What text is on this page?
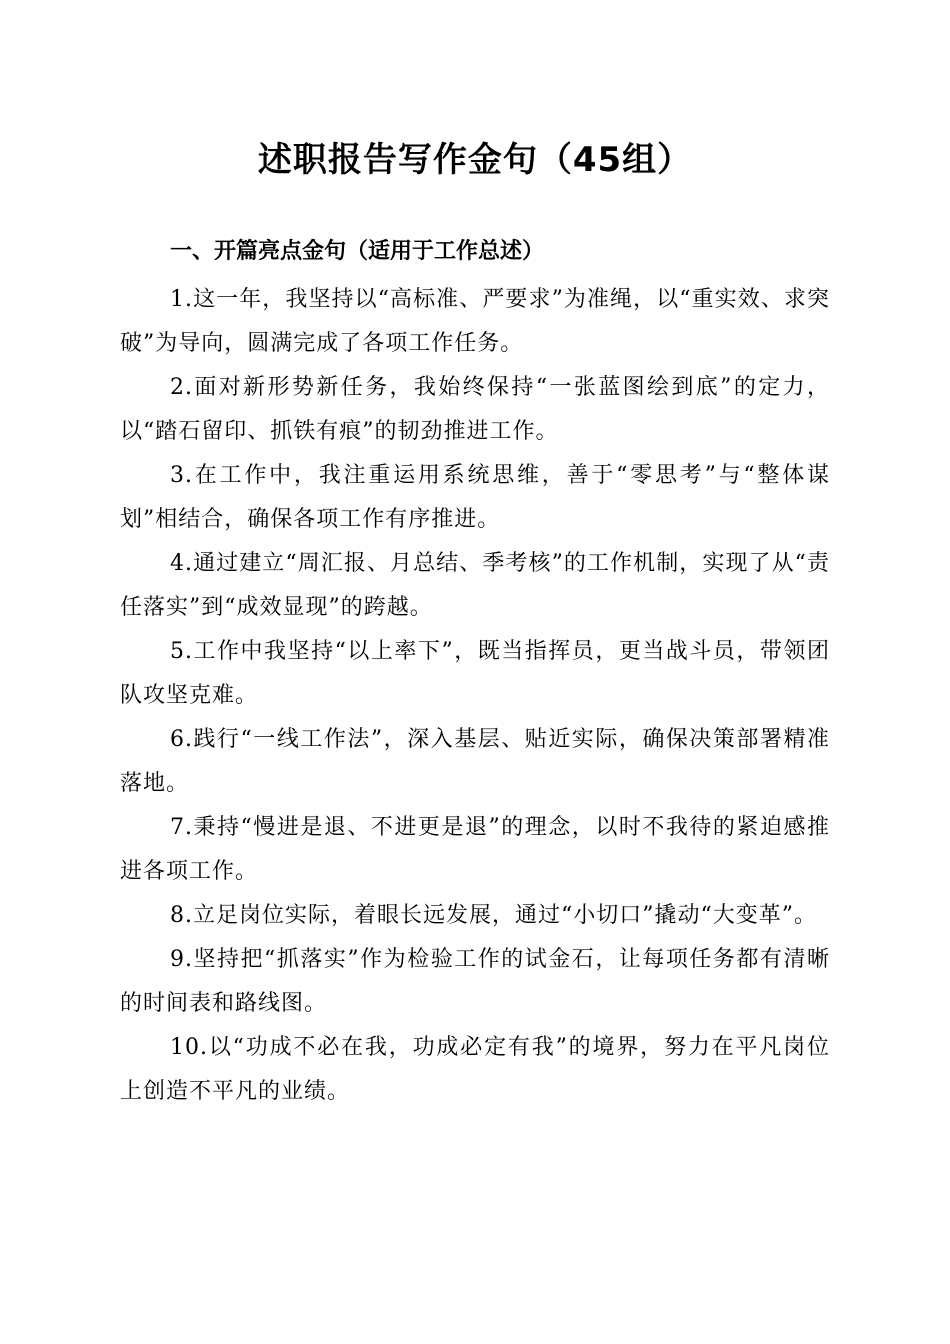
述职报告写作金句（45组）
一、开篇亮点金句（适用于工作总述）

1.这一年，我坚持以“高标准、严要求”为准绳，以“重实效、求突破”为导向，圆满完成了各项工作任务。

2.面对新形势新任务，我始终保持“一张蓝图绘到底”的定力，以“踏石留印、抓铁有痕”的韧劲推进工作。

3.在工作中，我注重运用系统思维，善于“零思考”与“整体谋划”相结合，确保各项工作有序推进。

4.通过建立“周汇报、月总结、季考核”的工作机制，实现了从“责任落实”到“成效显现”的跨越。

5.工作中我坚持“以上率下”，既当指挥员，更当战斗员，带领团队攻坚克难。

6.践行“一线工作法”，深入基层、贴近实际，确保决策部署精准落地。

7.秉持“慢进是退、不进更是退”的理念，以时不我待的紧迫感推进各项工作。

8.立足岗位实际，着眼长远发展，通过“小切口”撬动“大变革”。

9.坚持把“抓落实”作为检验工作的试金石，让每项任务都有清晰的时间表和路线图。

10.以“功成不必在我，功成必定有我”的境界，努力在平凡岗位上创造不平凡的业绩。
